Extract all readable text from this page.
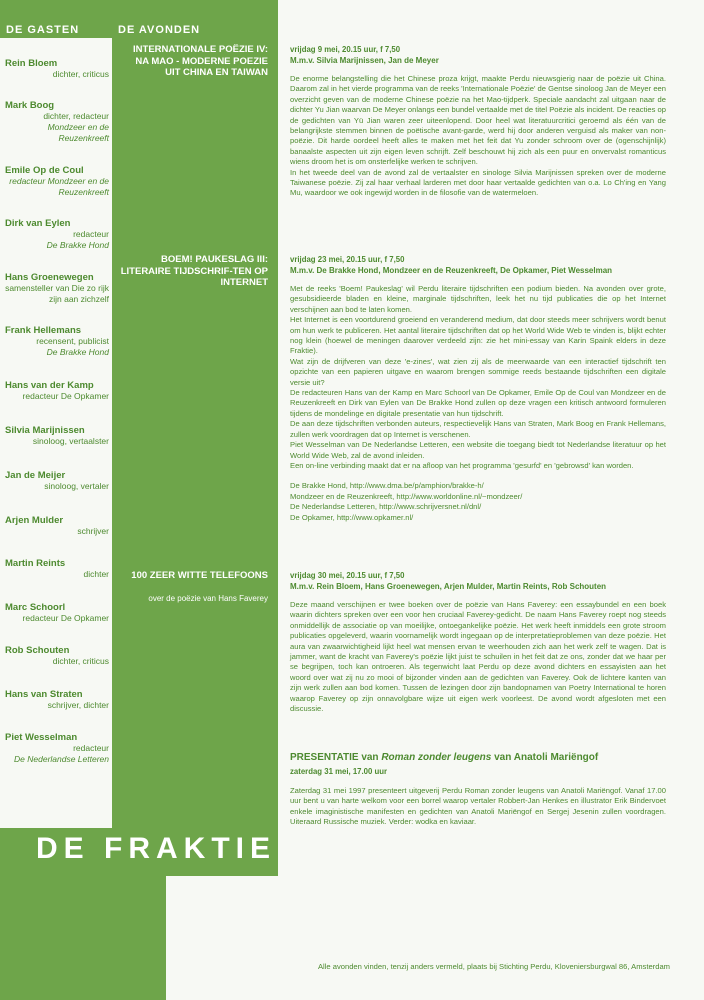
DE GASTEN	DE AVONDEN
DE FRAKTIE
Rein Bloem
dichter, criticus
Mark Boog
dichter, redacteur
Mondzeer en de Reuzenkreeft
Emile Op de Coul
redacteur Mondzeer en de Reuzenkreeft
Dirk van Eylen
redacteur
De Brakke Hond
Hans Groenewegen
samensteller van Die zo rijk zijn aan zichzelf
Frank Hellemans
recensent, publicist
De Brakke Hond
Hans van der Kamp
redacteur De Opkamer
Silvia Marijnissen
sinoloog, vertaalster
Jan de Meijer
sinoloog, vertaler
Arjen Mulder
schrijver
Martin Reints
dichter
Marc Schoorl
redacteur De Opkamer
Rob Schouten
dichter, criticus
Hans van Straten
schrijver, dichter
Piet Wesselman
redacteur
De Nederlandse Letteren
INTERNATIONALE POËZIE IV: NA MAO - MODERNE POEZIE UIT CHINA EN TAIWAN
vrijdag 9 mei, 20.15 uur, f 7,50
M.m.v. Silvia Marijnissen, Jan de Meyer

De enorme belangstelling die het Chinese proza krijgt, maakte Perdu nieuwsgierig naar de poëzie uit China. Daarom zal in het vierde programma van de reeks 'Internationale Poëzie' de Gentse sinoloog Jan de Meyer een overzicht geven van de moderne Chinese poëzie na het Mao-tijdperk. Speciale aandacht zal uitgaan naar de dichter Yu Jian waarvan De Meyer onlangs een bundel vertaalde met de titel Poëzie als incident. De reacties op de gedichten van Yü Jian waren zeer uiteenlopend. Door heel wat literatuurcritici geroemd als één van de belangrijkste stemmen binnen de poëtische avant-garde, werd hij door anderen verguisd als maker van non-poëzie. Dit harde oordeel heeft alles te maken met het feit dat Yu zonder schroom over de (ogenschijnlijk) banaalste aspecten uit zijn eigen leven schrijft. Zelf beschouwt hij zich als een puur en onvervalst romanticus wiens droom het is om onsterfelijke werken te schrijven.

In het tweede deel van de avond zal de vertaalster en sinologe Silvia Marijnissen spreken over de moderne Taiwanese poëzie. Zij zal haar verhaal larderen met door haar vertaalde gedichten van o.a. Lo Ch'ing en Yang Mu, waardoor we ook ingewijd worden in de filosofie van de watermeloen.

BOEM! PAUKESLAG III: LITERAIRE TIJDSCHRIF-TEN OP INTERNET
vrijdag 23 mei, 20.15 uur, f 7,50
M.m.v. De Brakke Hond, Mondzeer en de Reuzenkreeft, De Opkamer, Piet Wesselman

Met de reeks 'Boem! Paukeslag' wil Perdu literaire tijdschriften een podium bieden. Na avonden over grote, gesubsidieerde bladen en kleine, marginale tijdschriften, leek het nu tijd publicaties die op het Internet verschijnen aan bod te laten komen.

Het Internet is een voortdurend groeiend en veranderend medium, dat door steeds meer schrijvers wordt benut om hun werk te publiceren. Het aantal literaire tijdschriften dat op het World Wide Web te vinden is, blijkt echter nog klein (hoewel de meningen daarover verdeeld zijn: zie het mini-essay van Karin Spaink elders in deze Fraktie).

Wat zijn de drijfveren van deze 'e-zines', wat zien zij als de meerwaarde van een interactief tijdschrift ten opzichte van een papieren uitgave en waarom brengen sommige reeds bestaande tijdschriften een digitale versie uit?

De redacteuren Hans van der Kamp en Marc Schoorl van De Opkamer, Emile Op de Coul van Mondzeer en de Reuzenkreeft en Dirk van Eylen van De Brakke Hond zullen op deze vragen een kritisch antwoord formuleren tijdens de mondelinge en digitale presentatie van hun tijdschrift.

De aan deze tijdschriften verbonden auteurs, respectievelijk Hans van Straten, Mark Boog en Frank Hellemans, zullen werk voordragen dat op Internet is verschenen.

Piet Wesselman van De Nederlandse Letteren, een website die toegang biedt tot Nederlandse literatuur op het World Wide Web, zal de avond inleiden.

Een on-line verbinding maakt dat er na afloop van het programma 'gesurfd' en 'gebrowsd' kan worden.

De Brakke Hond, http://www.dma.be/p/amphion/brakke-h/

Mondzeer en de Reuzenkreeft, http://www.worldonline.nl/~mondzeer/

De Nederlandse Letteren, http://www.schrijversnet.nl/dnl/

De Opkamer, http://www.opkamer.nl/

100 ZEER WITTE TELEFOONS
over de poëzie van Hans Faverey
vrijdag 30 mei, 20.15 uur, f 7,50
M.m.v. Rein Bloem, Hans Groenewegen, Arjen Mulder, Martin Reints, Rob Schouten

Deze maand verschijnen er twee boeken over de poëzie van Hans Faverey: een essaybundel en een boek waarin dichters spreken over een voor hen cruciaal Faverey-gedicht. De naam Hans Faverey roept nog steeds onmiddellijk de associatie op van moeilijke, ontoegankelijke poëzie. Het werk heeft inmiddels een grote stroom publicaties opgeleverd, waarin voornamelijk wordt ingegaan op de interpretatieproblemen van deze poëzie. Het aura van zwaarwichtigheid lijkt heel wat mensen ervan te weerhouden zich aan het werk zelf te wagen. Dat is jammer, want de kracht van Faverey's poëzie lijkt juist te schuilen in het feit dat ze ons, zonder dat we haar per se begrijpen, toch kan ontroeren. Als tegenwicht laat Perdu op deze avond dichters en essayisten aan het woord over wat zij nu zo mooi of bijzonder vinden aan de gedichten van Faverey. Ook de lichtere kanten van zijn werk zullen aan bod komen. Tussen de lezingen door zijn bandopnamen van Poetry International te horen waarop Faverey op zijn onnavolgbare wijze uit eigen werk voorleest. De avond wordt afgesloten met een discussie.

PRESENTATIE van Roman zonder leugens van Anatoli Mariëngof
zaterdag 31 mei, 17.00 uur

Zaterdag 31 mei 1997 presenteert uitgeverij Perdu Roman zonder leugens van Anatoli Mariëngof. Vanaf 17.00 uur bent u van harte welkom voor een borrel waarop vertaler Robbert-Jan Henkes en illustrator Erik Bindervoet enkele imaginistische manifesten en gedichten van Anatoli Mariëngof en Sergej Jesenin zullen voordragen. Uiteraard Russische muziek. Verder: wodka en kaviaar.

Alle avonden vinden, tenzij anders vermeld, plaats bij Stichting Perdu, Kloveniersburgwal 86, Amsterdam
